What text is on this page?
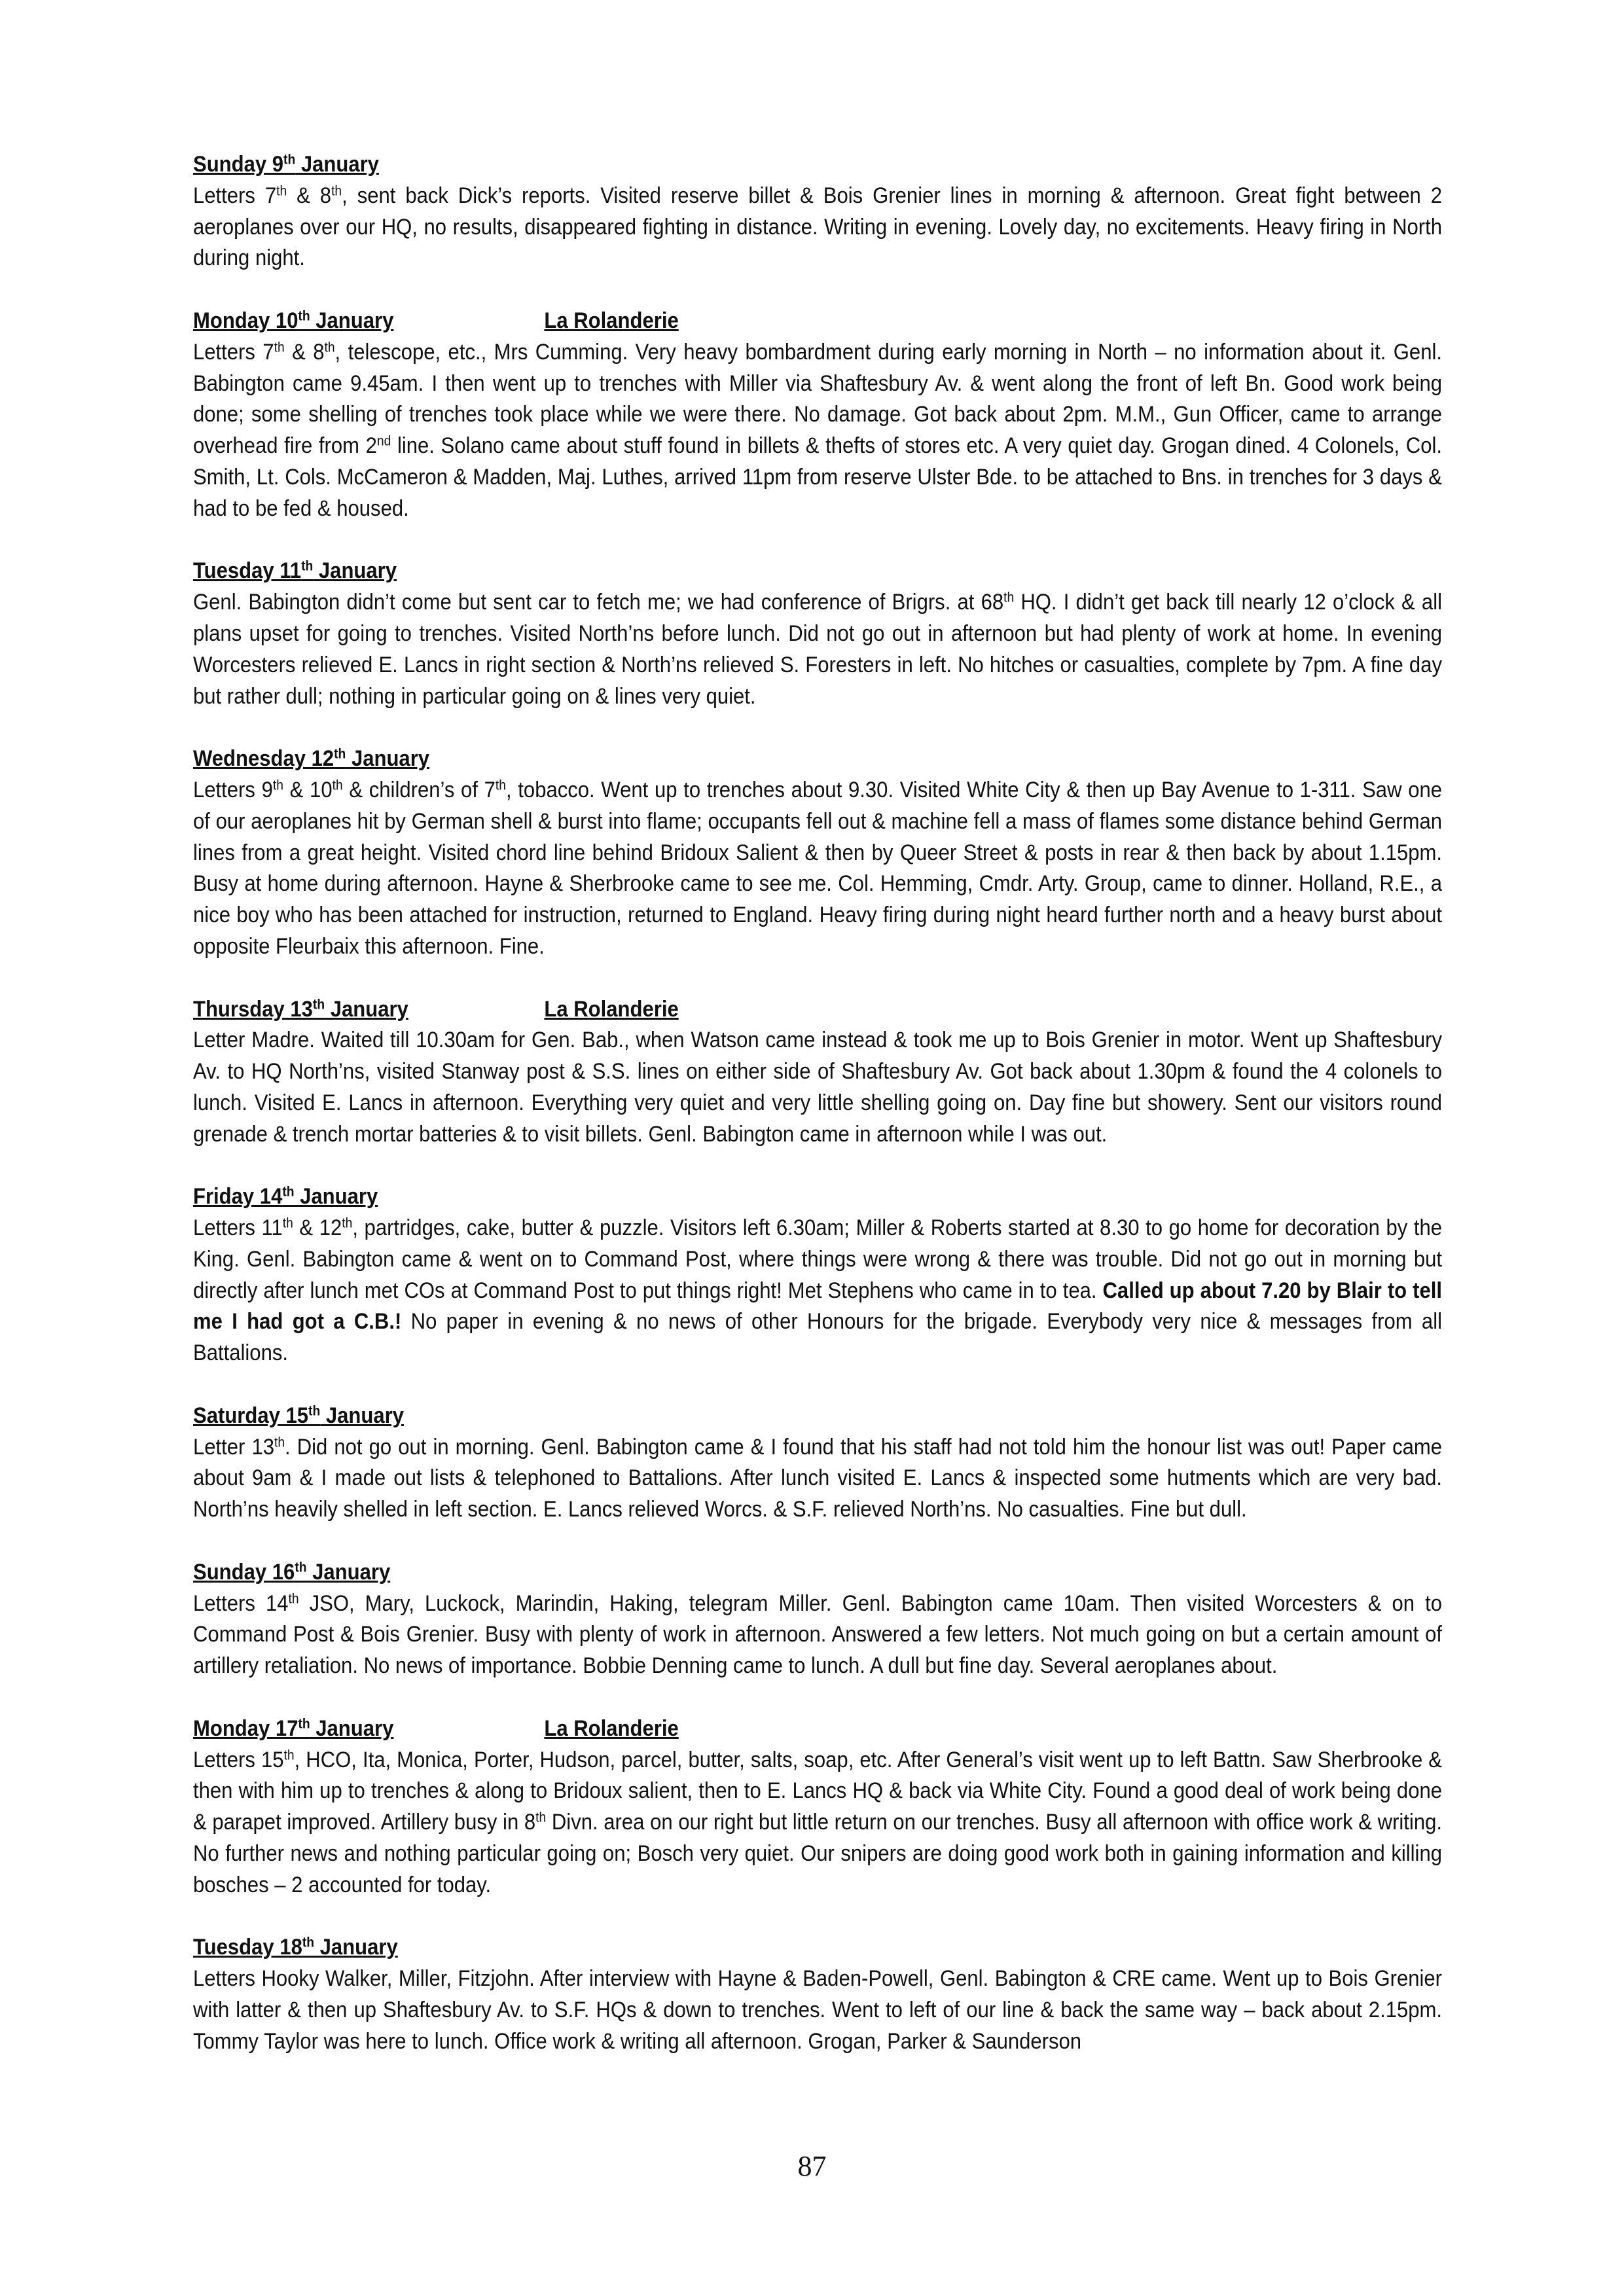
Sunday 9th January
Letters 7th & 8th, sent back Dick’s reports. Visited reserve billet & Bois Grenier lines in morning & afternoon. Great fight between 2 aeroplanes over our HQ, no results, disappeared fighting in distance. Writing in evening. Lovely day, no excitements. Heavy firing in North during night.
Monday 10th January	La Rolanderie
Letters 7th & 8th, telescope, etc., Mrs Cumming. Very heavy bombardment during early morning in North – no information about it. Genl. Babington came 9.45am. I then went up to trenches with Miller via Shaftesbury Av. & went along the front of left Bn. Good work being done; some shelling of trenches took place while we were there. No damage. Got back about 2pm. M.M., Gun Officer, came to arrange overhead fire from 2nd line. Solano came about stuff found in billets & thefts of stores etc. A very quiet day. Grogan dined. 4 Colonels, Col. Smith, Lt. Cols. McCameron & Madden, Maj. Luthes, arrived 11pm from reserve Ulster Bde. to be attached to Bns. in trenches for 3 days & had to be fed & housed.
Tuesday 11th January
Genl. Babington didn’t come but sent car to fetch me; we had conference of Brigrs. at 68th HQ. I didn’t get back till nearly 12 o’clock & all plans upset for going to trenches. Visited North’ns before lunch. Did not go out in afternoon but had plenty of work at home. In evening Worcesters relieved E. Lancs in right section & North’ns relieved S. Foresters in left. No hitches or casualties, complete by 7pm. A fine day but rather dull; nothing in particular going on & lines very quiet.
Wednesday 12th January
Letters 9th & 10th & children’s of 7th, tobacco. Went up to trenches about 9.30. Visited White City & then up Bay Avenue to 1-311. Saw one of our aeroplanes hit by German shell & burst into flame; occupants fell out & machine fell a mass of flames some distance behind German lines from a great height. Visited chord line behind Bridoux Salient & then by Queer Street & posts in rear & then back by about 1.15pm. Busy at home during afternoon. Hayne & Sherbrooke came to see me. Col. Hemming, Cmdr. Arty. Group, came to dinner. Holland, R.E., a nice boy who has been attached for instruction, returned to England. Heavy firing during night heard further north and a heavy burst about opposite Fleurbaix this afternoon. Fine.
Thursday 13th January	La Rolanderie
Letter Madre. Waited till 10.30am for Gen. Bab., when Watson came instead & took me up to Bois Grenier in motor. Went up Shaftesbury Av. to HQ North’ns, visited Stanway post & S.S. lines on either side of Shaftesbury Av. Got back about 1.30pm & found the 4 colonels to lunch. Visited E. Lancs in afternoon. Everything very quiet and very little shelling going on. Day fine but showery. Sent our visitors round grenade & trench mortar batteries & to visit billets. Genl. Babington came in afternoon while I was out.
Friday 14th January
Letters 11th & 12th, partridges, cake, butter & puzzle. Visitors left 6.30am; Miller & Roberts started at 8.30 to go home for decoration by the King. Genl. Babington came & went on to Command Post, where things were wrong & there was trouble. Did not go out in morning but directly after lunch met COs at Command Post to put things right! Met Stephens who came in to tea. Called up about 7.20 by Blair to tell me I had got a C.B.! No paper in evening & no news of other Honours for the brigade. Everybody very nice & messages from all Battalions.
Saturday 15th January
Letter 13th. Did not go out in morning. Genl. Babington came & I found that his staff had not told him the honour list was out! Paper came about 9am & I made out lists & telephoned to Battalions. After lunch visited E. Lancs & inspected some hutments which are very bad. North’ns heavily shelled in left section. E. Lancs relieved Worcs. & S.F. relieved North’ns. No casualties. Fine but dull.
Sunday 16th January
Letters 14th JSO, Mary, Luckock, Marindin, Haking, telegram Miller. Genl. Babington came 10am. Then visited Worcesters & on to Command Post & Bois Grenier. Busy with plenty of work in afternoon. Answered a few letters. Not much going on but a certain amount of artillery retaliation. No news of importance. Bobbie Denning came to lunch. A dull but fine day. Several aeroplanes about.
Monday 17th January	La Rolanderie
Letters 15th, HCO, Ita, Monica, Porter, Hudson, parcel, butter, salts, soap, etc. After General’s visit went up to left Battn. Saw Sherbrooke & then with him up to trenches & along to Bridoux salient, then to E. Lancs HQ & back via White City. Found a good deal of work being done & parapet improved. Artillery busy in 8th Divn. area on our right but little return on our trenches. Busy all afternoon with office work & writing. No further news and nothing particular going on; Bosch very quiet. Our snipers are doing good work both in gaining information and killing bosches – 2 accounted for today.
Tuesday 18th January
Letters Hooky Walker, Miller, Fitzjohn. After interview with Hayne & Baden-Powell, Genl. Babington & CRE came. Went up to Bois Grenier with latter & then up Shaftesbury Av. to S.F. HQs & down to trenches. Went to left of our line & back the same way – back about 2.15pm. Tommy Taylor was here to lunch. Office work & writing all afternoon. Grogan, Parker & Saunderson
87
